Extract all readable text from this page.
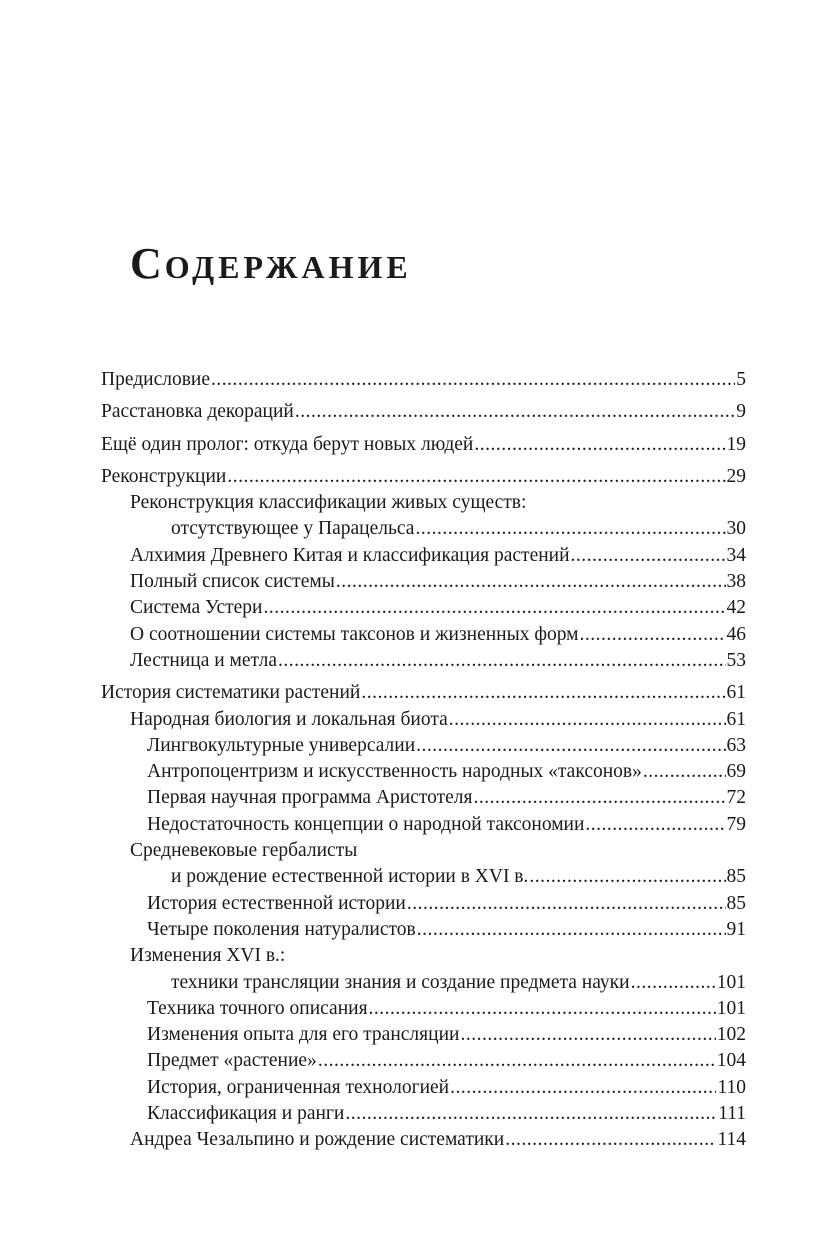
СОДЕРЖАНИЕ
Предисловие .....	5
Расстановка декораций .....	9
Ещё один пролог: откуда берут новых людей .....	19
Реконструкции .....	29
Реконструкция классификации живых существ:
отсутствующее у Парацельса .....	30
Алхимия Древнего Китая и классификация растений .....	34
Полный список системы .....	38
Система Устери .....	42
О соотношении системы таксонов и жизненных форм .....	46
Лестница и метла .....	53
История систематики растений .....	61
Народная биология и локальная биота .....	61
Лингвокультурные универсалии .....	63
Антропоцентризм и искусственность народных «таксонов» .....	69
Первая научная программа Аристотеля .....	72
Недостаточность концепции о народной таксономии .....	79
Средневековые гербалисты
и рождение естественной истории в XVI в. .....	85
История естественной истории .....	85
Четыре поколения натуралистов .....	91
Изменения XVI в.:
техники трансляции знания и создание предмета науки .....	101
Техника точного описания .....	101
Изменения опыта для его трансляции .....	102
Предмет «растение» .....	104
История, ограниченная технологией .....	110
Классификация и ранги .....	111
Андреа Чезальпино и рождение систематики .....	114
